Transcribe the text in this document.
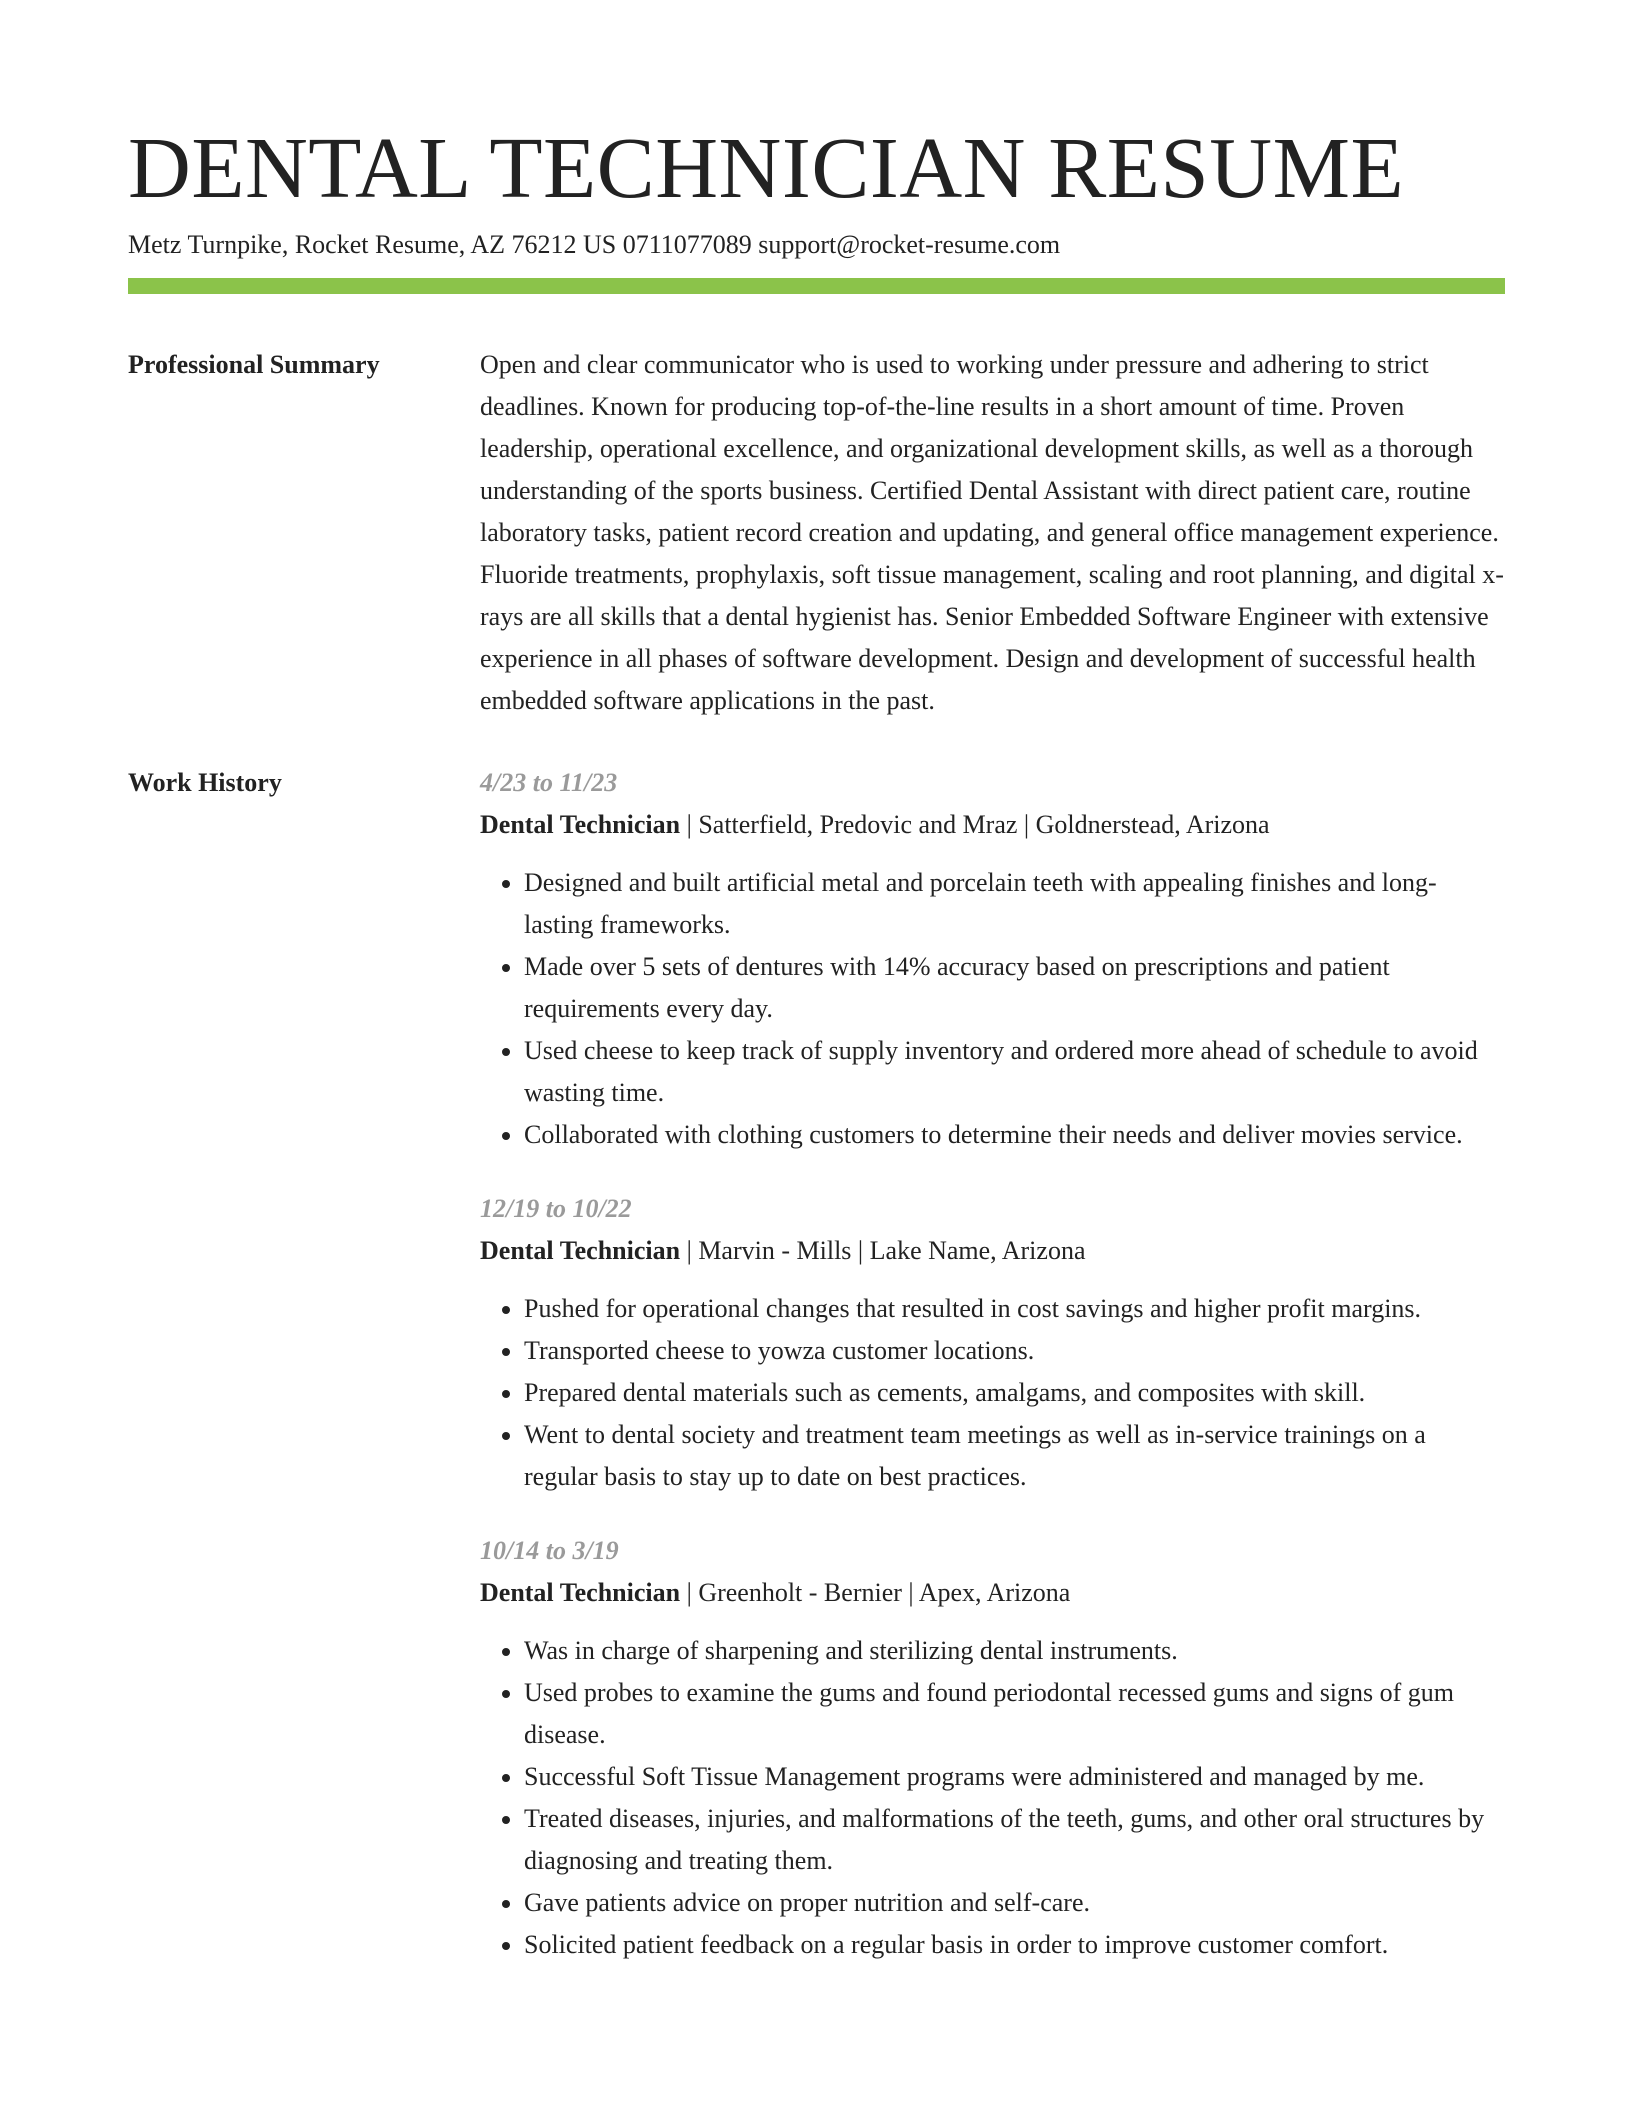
DENTAL TECHNICIAN RESUME
Metz Turnpike, Rocket Resume, AZ 76212 US 0711077089 support@rocket-resume.com
Professional Summary	Open and clear communicator who is used to working under pressure and adhering to strict deadlines. Known for producing top-of-the-line results in a short amount of time. Proven leadership, operational excellence, and organizational development skills, as well as a thorough understanding of the sports business. Certified Dental Assistant with direct patient care, routine laboratory tasks, patient record creation and updating, and general office management experience. Fluoride treatments, prophylaxis, soft tissue management, scaling and root planning, and digital x-rays are all skills that a dental hygienist has. Senior Embedded Software Engineer with extensive experience in all phases of software development. Design and development of successful health embedded software applications in the past.

Work History	4/23 to 11/23
Dental Technician | Satterfield, Predovic and Mraz | Goldnerstead, Arizona
• Designed and built artificial metal and porcelain teeth with appealing finishes and long-lasting frameworks.
• Made over 5 sets of dentures with 14% accuracy based on prescriptions and patient requirements every day.
• Used cheese to keep track of supply inventory and ordered more ahead of schedule to avoid wasting time.
• Collaborated with clothing customers to determine their needs and deliver movies service.
12/19 to 10/22
Dental Technician | Marvin - Mills | Lake Name, Arizona
• Pushed for operational changes that resulted in cost savings and higher profit margins.
• Transported cheese to yowza customer locations.
• Prepared dental materials such as cements, amalgams, and composites with skill.
• Went to dental society and treatment team meetings as well as in-service trainings on a regular basis to stay up to date on best practices.
10/14 to 3/19
Dental Technician | Greenholt - Bernier | Apex, Arizona
• Was in charge of sharpening and sterilizing dental instruments.
• Used probes to examine the gums and found periodontal recessed gums and signs of gum disease.
• Successful Soft Tissue Management programs were administered and managed by me.
• Treated diseases, injuries, and malformations of the teeth, gums, and other oral structures by diagnosing and treating them.
• Gave patients advice on proper nutrition and self-care.
• Solicited patient feedback on a regular basis in order to improve customer comfort.
